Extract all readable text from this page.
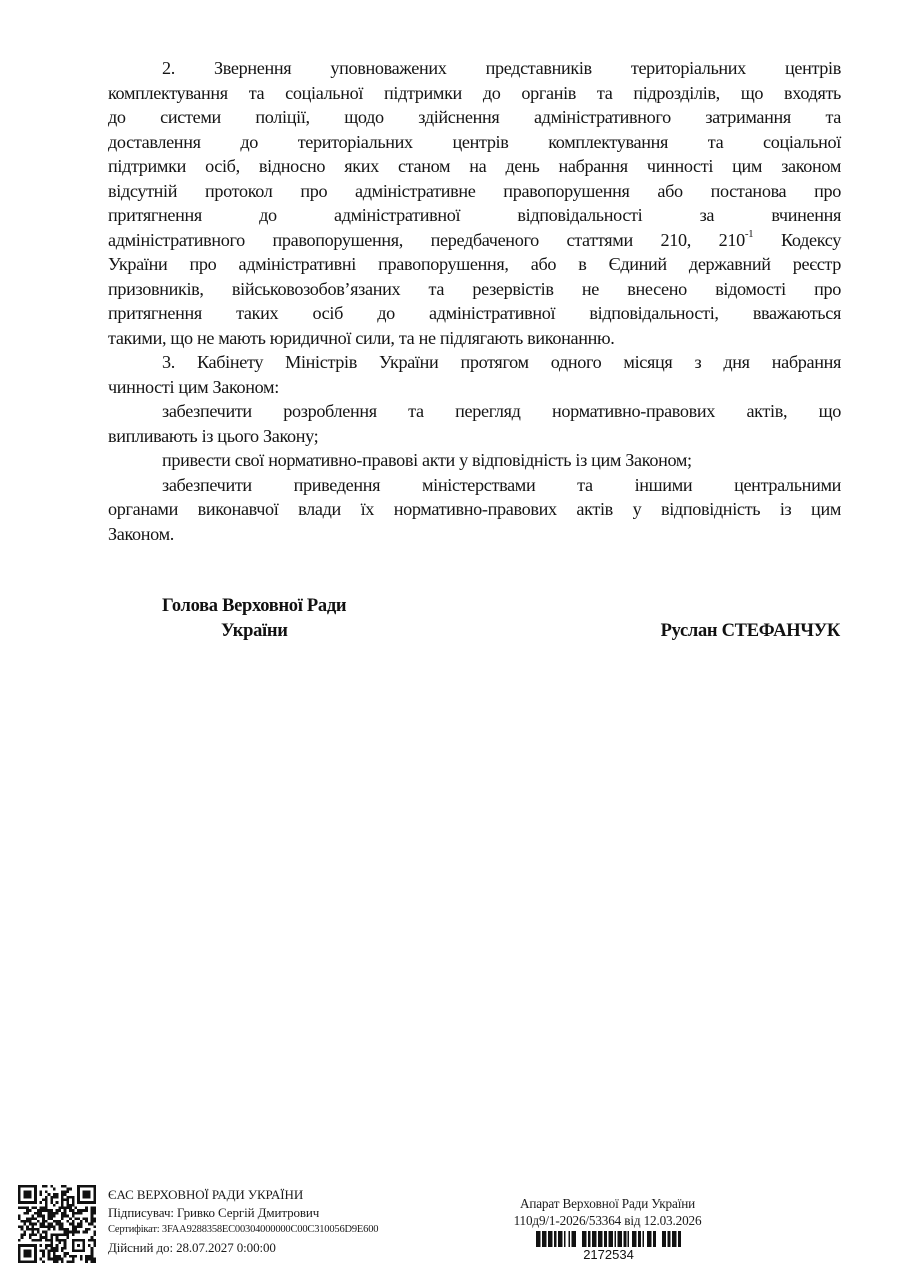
2. Звернення уповноважених представників територіальних центрів
комплектування та соціальної підтримки до органів та підрозділів, що входять
до системи поліції, щодо здійснення адміністративного затримання та
доставлення до територіальних центрів комплектування та соціальної
підтримки осіб, відносно яких станом на день набрання чинності цим законом
відсутній протокол про адміністративне правопорушення або постанова про
притягнення до адміністративної відповідальності за вчинення
адміністративного правопорушення, передбаченого статтями 210, $210^{-1}$ Кодексу
України про адміністративні правопорушення, або в Єдиний державний реєстр
призовників, військовозобов’язаних та резервістів не внесено відомості про
притягнення таких осіб до адміністративної відповідальності, вважаються
такими, що не мають юридичної сили, та не підлягають виконанню.
3. Кабінету Міністрів України протягом одного місяця з дня набрання
чинності цим Законом:
забезпечити розроблення та перегляд нормативно-правових актів, що
випливають із цього Закону;
привести свої нормативно-правові акти у відповідність із цим Законом;
забезпечити приведення міністерствами та іншими центральними
органами виконавчої влади їх нормативно-правових актів у відповідність із цим
Законом.
Голова Верховної Ради
України	Руслан СТЕФАНЧУК
ЄАС ВЕРХОВНОЇ РАДИ УКРАЇНИ
Підписувач: Гривко Сергій Дмитрович
Сертифікат: 3FAA9288358EC00304000000C00C310056D9E600
Дійсний до: 28.07.2027 0:00:00
Апарат Верховної Ради України
110д9/1-2026/53364 від 12.03.2026
2172534
